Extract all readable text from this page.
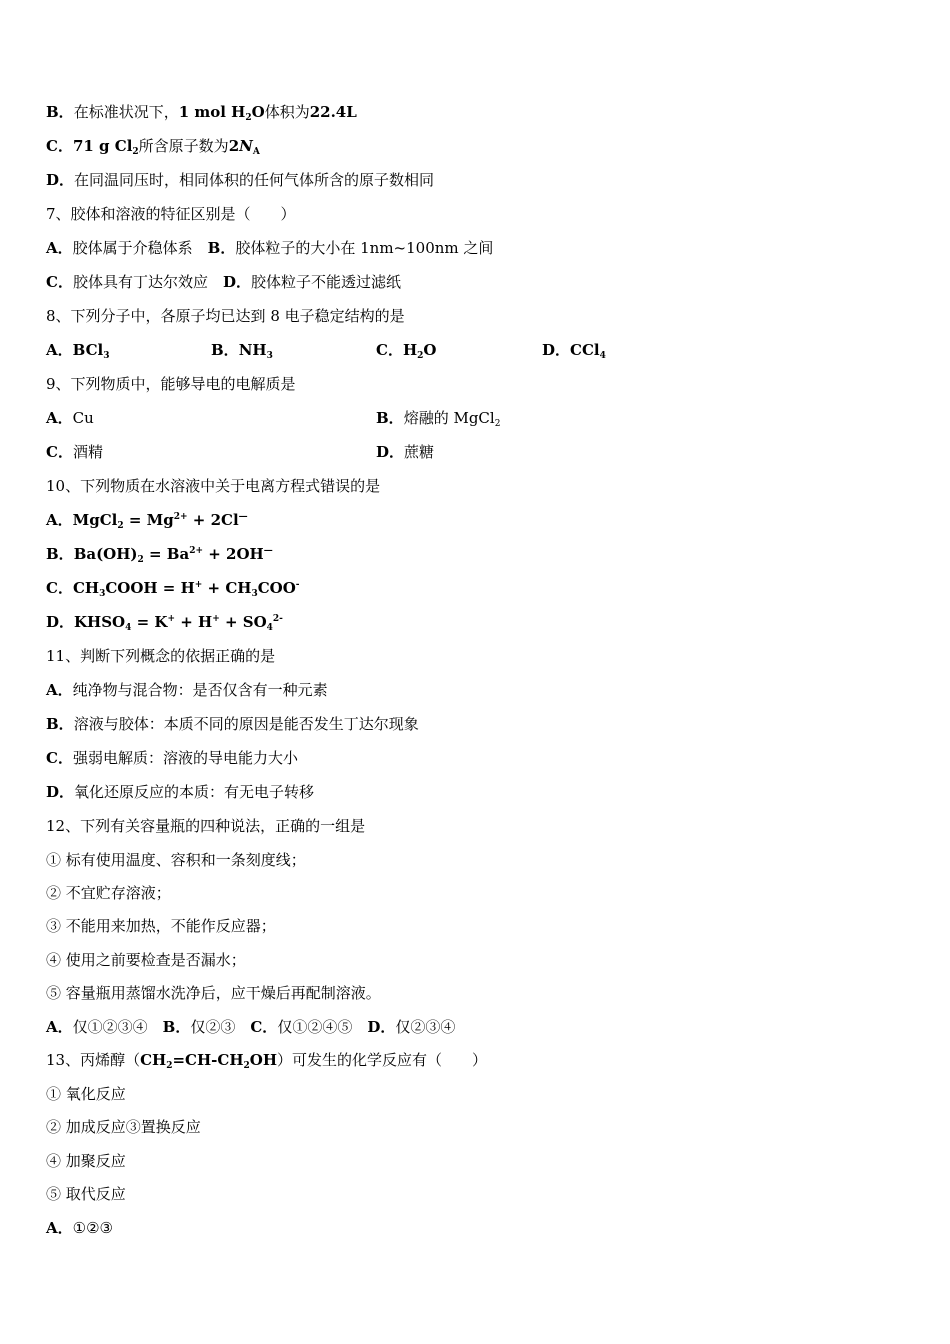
B．在标准状况下，1 mol $H_2O$体积为22.4L
C．71 g $Cl_2$所含原子数为$2N_A$
D．在同温同压时，相同体积的任何气体所含的原子数相同
7、胶体和溶液的特征区别是（　　）
A．胶体属于介稳体系　B．胶体粒子的大小在 1nm~100nm 之间
C．胶体具有丁达尔效应　D．胶体粒子不能透过滤纸
8、下列分子中，各原子均已达到 8 电子稳定结构的是
A．BCl$_3$	B．$NH_3$	C．$H_2O$	D．CCl$_4$
9、下列物质中，能够导电的电解质是
A．Cu	B．熔融的 MgCl$_2$
C．酒精	D．蔗糖
10、下列物质在水溶液中关于电离方程式错误的是
A．MgCl$_2$ = $Mg^{2+} + 2Cl^—$
B．$Ba(OH)_2 = Ba^{2+} + 2OH^—$
C．$CH_3COOH = H^+ + CH_3COO^-$
D．$KHSO_4 = K^+ + H^+ + SO_4^{2-}$
11、判断下列概念的依据正确的是
A．纯净物与混合物：是否仅含有一种元素
B．溶液与胶体：本质不同的原因是能否发生丁达尔现象
C．强弱电解质：溶液的导电能力大小
D．氧化还原反应的本质：有无电子转移
12、下列有关容量瓶的四种说法，正确的一组是
① 标有使用温度、容积和一条刻度线；
② 不宜贮存溶液；
③ 不能用来加热，不能作反应器；
④ 使用之前要检查是否漏水；
⑤ 容量瓶用蒸馏水洗净后，应干燥后再配制溶液。
A．仅①②③④　B．仅②③　C．仅①②④⑤　D．仅②③④
13、丙烯醇$(CH_2=CH-CH_2OH)$可发生的化学反应有（　　）
① 氧化反应
② 加成反应③置换反应
④ 加聚反应
⑤ 取代反应
A．①②③
